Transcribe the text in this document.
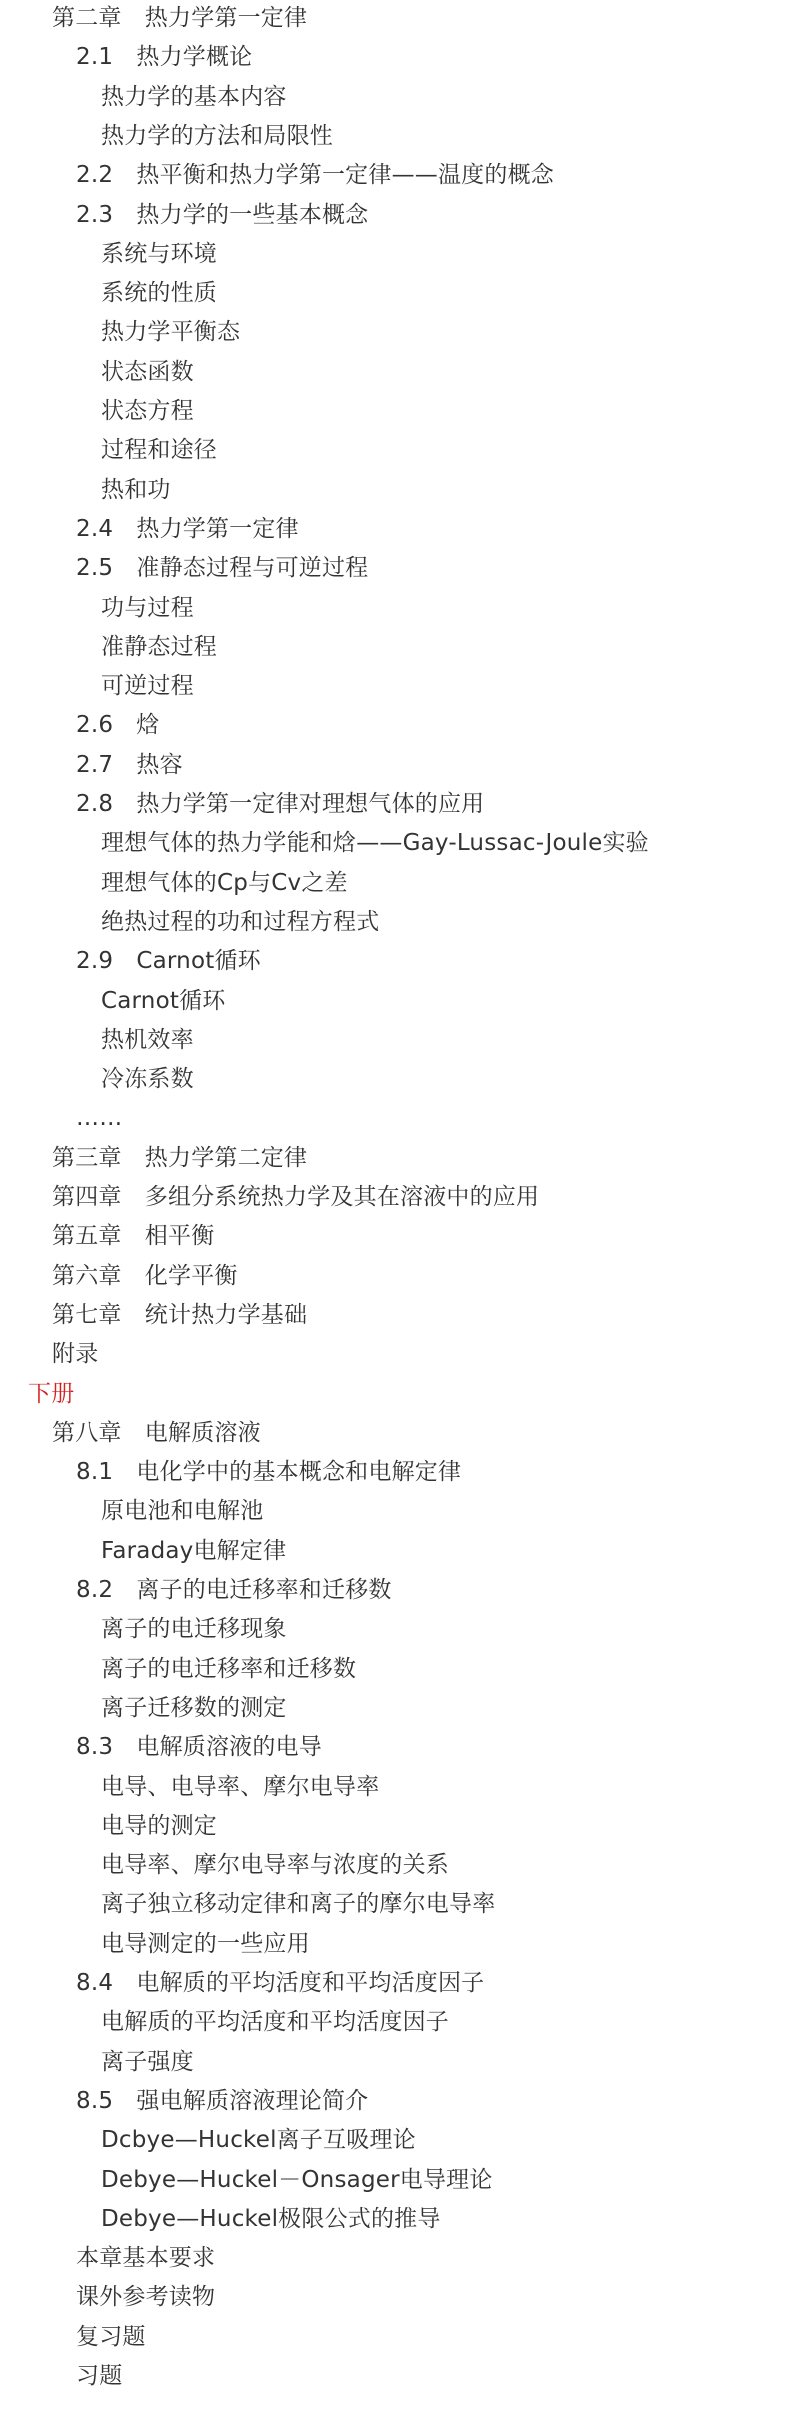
第二章　热力学第一定律
2.1　热力学概论
热力学的基本内容
热力学的方法和局限性
2.2　热平衡和热力学第一定律——温度的概念
2.3　热力学的一些基本概念
系统与环境
系统的性质
热力学平衡态
状态函数
状态方程
过程和途径
热和功
2.4　热力学第一定律
2.5　准静态过程与可逆过程
功与过程
准静态过程
可逆过程
2.6　焓
2.7　热容
2.8　热力学第一定律对理想气体的应用
理想气体的热力学能和焓——Gay-Lussac-Joule实验
理想气体的Cp与Cv之差
绝热过程的功和过程方程式
2.9　Carnot循环
Carnot循环
热机效率
冷冻系数
……
第三章　热力学第二定律
第四章　多组分系统热力学及其在溶液中的应用
第五章　相平衡
第六章　化学平衡
第七章　统计热力学基础
附录
下册
第八章　电解质溶液
8.1　电化学中的基本概念和电解定律
原电池和电解池
Faraday电解定律
8.2　离子的电迁移率和迁移数
离子的电迁移现象
离子的电迁移率和迁移数
离子迁移数的测定
8.3　电解质溶液的电导
电导、电导率、摩尔电导率
电导的测定
电导率、摩尔电导率与浓度的关系
离子独立移动定律和离子的摩尔电导率
电导测定的一些应用
8.4　电解质的平均活度和平均活度因子
电解质的平均活度和平均活度因子
离子强度
8.5　强电解质溶液理论简介
Dcbye—Huckel离子互吸理论
Debye—Huckel－Onsager电导理论
Debye—Huckel极限公式的推导
本章基本要求
课外参考读物
复习题
习题
